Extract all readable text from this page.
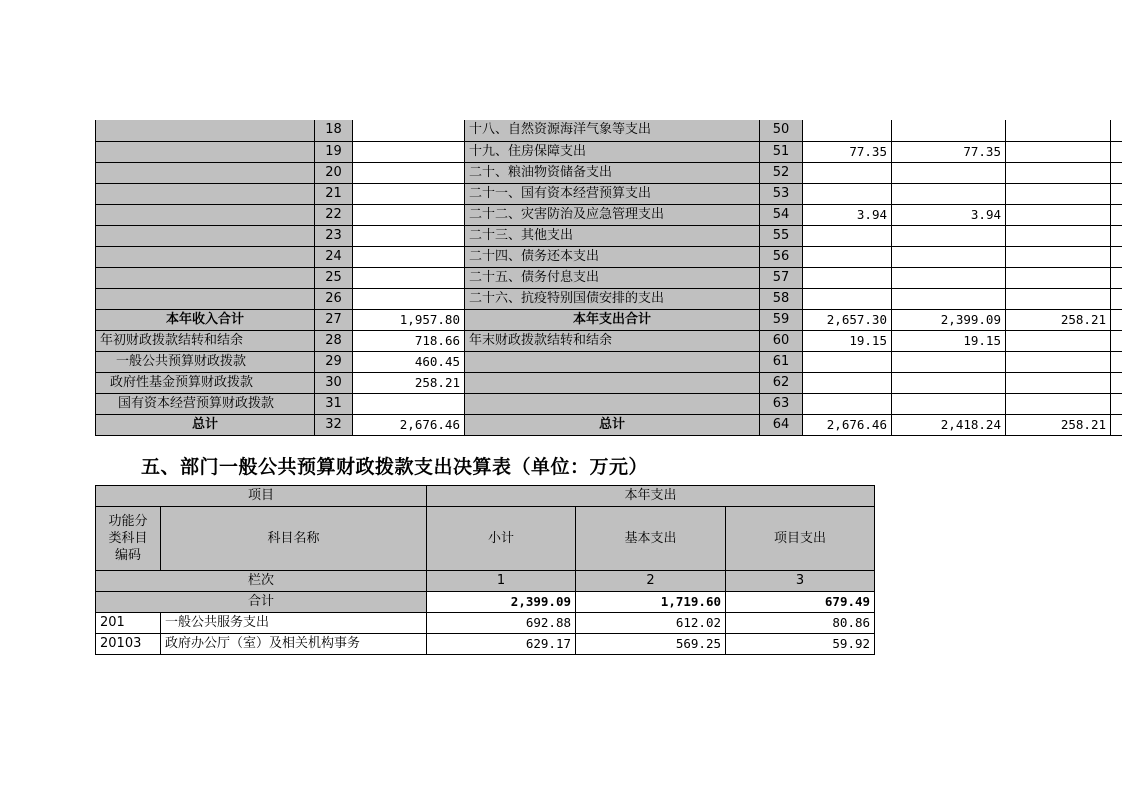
	18		十八、自然资源海洋气象等支出	50				
	19		十九、住房保障支出	51	77.35	77.35		
	20		二十、粮油物资储备支出	52				
	21		二十一、国有资本经营预算支出	53				
	22		二十二、灾害防治及应急管理支出	54	3.94	3.94		
	23		二十三、其他支出	55				
	24		二十四、债务还本支出	56				
	25		二十五、债务付息支出	57				
	26		二十六、抗疫特别国债安排的支出	58				
本年收入合计	27	1,957.80	本年支出合计	59	2,657.30	2,399.09	258.21	
年初财政拨款结转和结余	28	718.66	年末财政拨款结转和结余	60	19.15	19.15		
一般公共预算财政拨款	29	460.45		61				
政府性基金预算财政拨款	30	258.21		62				
国有资本经营预算财政拨款	31			63				
总计	32	2,676.46	总计	64	2,676.46	2,418.24	258.21	
五、部门一般公共预算财政拨款支出决算表（单位：万元）
项目		本年支出		
功能分类科目编码	科目名称	小计	基本支出	项目支出
栏次		1	2	3
合计		2,399.09	1,719.60	679.49
201	一般公共服务支出	692.88	612.02	80.86
20103	政府办公厅（室）及相关机构事务	629.17	569.25	59.92
